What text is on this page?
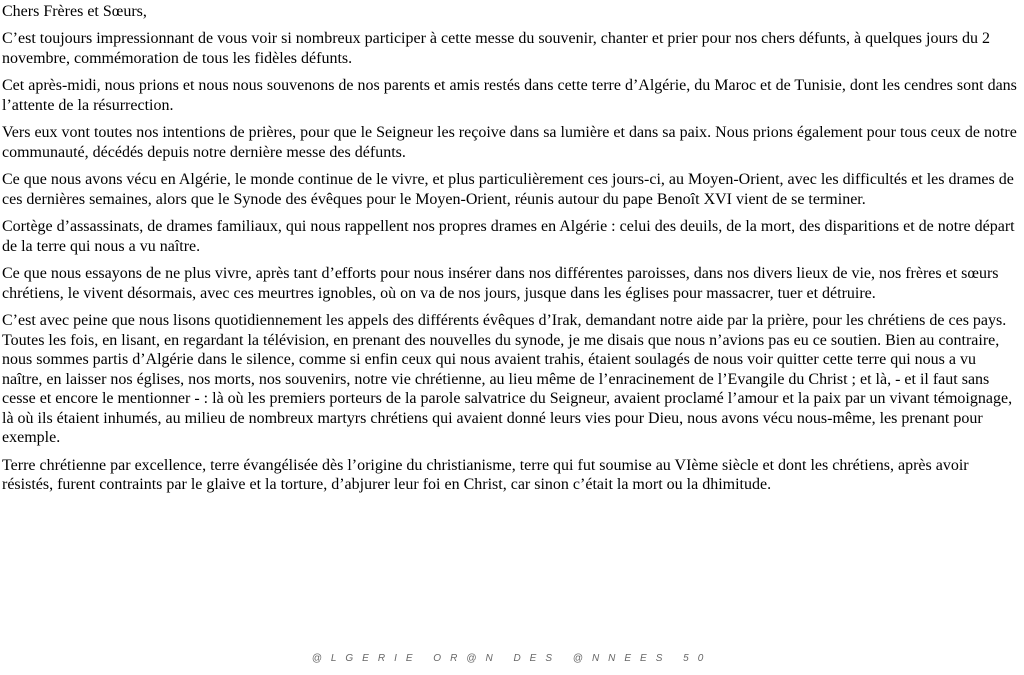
Chers Frères et Sœurs,

C’est toujours impressionnant de vous voir si nombreux participer à cette messe du souvenir, chanter et prier pour nos chers défunts, à quelques jours du 2 novembre, commémoration de tous les fidèles défunts.

Cet après-midi, nous prions et nous nous souvenons de nos parents et amis restés dans cette terre d’Algérie, du Maroc et de Tunisie, dont les cendres sont dans l’attente de la résurrection.

Vers eux vont toutes nos intentions de prières, pour que le Seigneur les reçoive dans sa lumière et dans sa paix. Nous prions également pour tous ceux de notre communauté, décédés depuis notre dernière messe des défunts.

Ce que nous avons vécu en Algérie, le monde continue de le vivre, et plus particulièrement ces jours-ci, au Moyen-Orient, avec les difficultés et les drames de ces dernières semaines, alors que le Synode des évêques pour le Moyen-Orient, réunis autour du pape Benoît XVI vient de se terminer.

Cortège d’assassinats, de drames familiaux, qui nous rappellent nos propres drames en Algérie : celui des deuils, de la mort, des disparitions et de notre départ de la terre qui nous a vu naître.

Ce que nous essayons de ne plus vivre, après tant d’efforts pour nous insérer dans nos différentes paroisses, dans nos divers lieux de vie, nos frères et sœurs chrétiens, le vivent désormais, avec ces meurtres ignobles, où on va de nos jours, jusque dans les églises pour massacrer, tuer et détruire.

C’est avec peine que nous lisons quotidiennement les appels des différents évêques d’Irak, demandant notre aide par la prière, pour les chrétiens de ces pays. Toutes les fois, en lisant, en regardant la télévision, en prenant des nouvelles du synode, je me disais que nous n’avions pas eu ce soutien. Bien au contraire, nous sommes partis d’Algérie dans le silence, comme si enfin ceux qui nous avaient trahis, étaient soulagés de nous voir quitter cette terre qui nous a vu naître, en laisser nos églises, nos morts, nos souvenirs, notre vie chrétienne, au lieu même de l’enracinement de l’Evangile du Christ ; et là, - et il faut sans cesse et encore le mentionner - : là où les premiers porteurs de la parole salvatrice du Seigneur, avaient proclamé l’amour et la paix par un vivant témoignage, là où ils étaient inhumés, au milieu de nombreux martyrs chrétiens qui avaient donné leurs vies pour Dieu, nous avons vécu nous-même, les prenant pour exemple.

Terre chrétienne par excellence, terre évangélisée dès l’origine du christianisme, terre qui fut soumise au VIème siècle et dont les chrétiens, après avoir résistés, furent contraints par le glaive et la torture, d’abjurer leur foi en Christ, car sinon c’était la mort ou la dhimitude.

@LGERIE OR@N DES @NNEES 50
